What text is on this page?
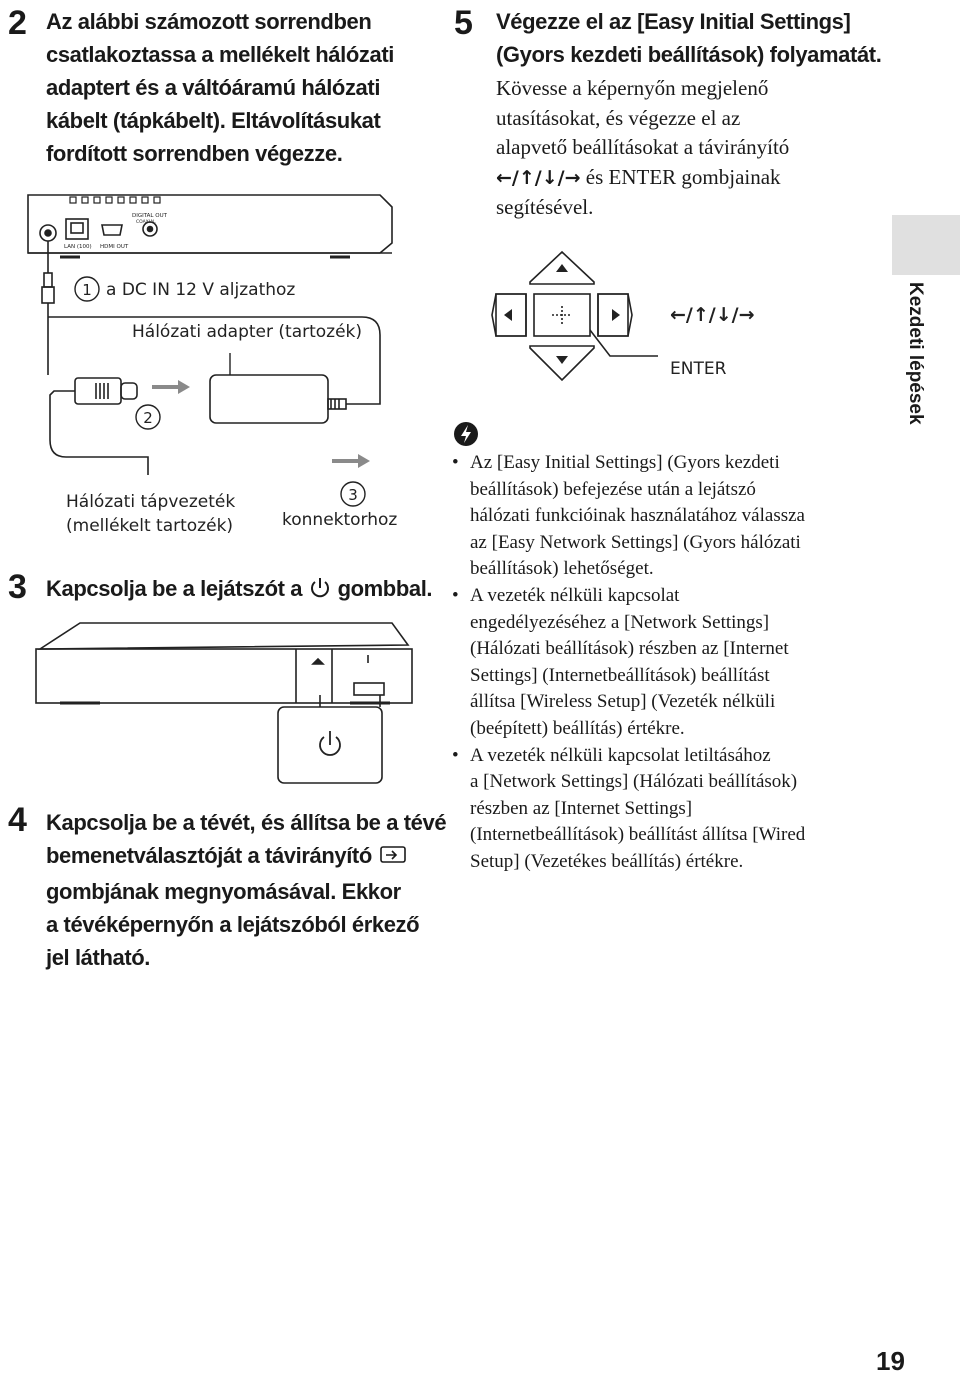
2 Az alábbi számozott sorrendben
csatlakoztassa a mellékelt hálózati
adaptert és a váltóáramú hálózati
kábelt (tápkábelt). Eltávolításukat
fordított sorrendben végezze.
LAN (100) HDMI OUT
DIGITAL OUT
COAXIAL
1 a DC IN 12 V aljzathoz
Hálózati adapter (tartozék)
2
3
Hálózati tápvezeték
(mellékelt tartozék)	konnektorhoz
3 Kapcsolja be a lejátszót a  gombbal.
4 Kapcsolja be a tévét, és állítsa be a tévé
bemenetválasztóját a távirányító
gombjának megnyomásával. Ekkor
a tévéképernyőn a lejátszóból érkező
jel látható.
5 Végezze el az [Easy Initial Settings]
(Gyors kezdeti beállítások) folyamatát.
Kövesse a képernyőn megjelenő
utasításokat, és végezze el az
alapvető beállításokat a távirányító
←/↑/↓/→ és ENTER gombjainak
segítésével.
←/↑/↓/→
ENTER
• Az [Easy Initial Settings] (Gyors kezdeti
beállítások) befejezése után a lejátszó
hálózati funkcióinak használatához válassza
az [Easy Network Settings] (Gyors hálózati
beállítások) lehetőséget.
• A vezeték nélküli kapcsolat
engedélyezéséhez a [Network Settings]
(Hálózati beállítások) részben az [Internet
Settings] (Internetbeállítások) beállítást
állítsa [Wireless Setup] (Vezeték nélküli
(beépített) beállítás) értékre.
• A vezeték nélküli kapcsolat letiltásához
a [Network Settings] (Hálózati beállítások)
részben az [Internet Settings]
(Internetbeállítások) beállítást állítsa [Wired
Setup] (Vezetékes beállítás) értékre.
Kezdeti lépések
19
